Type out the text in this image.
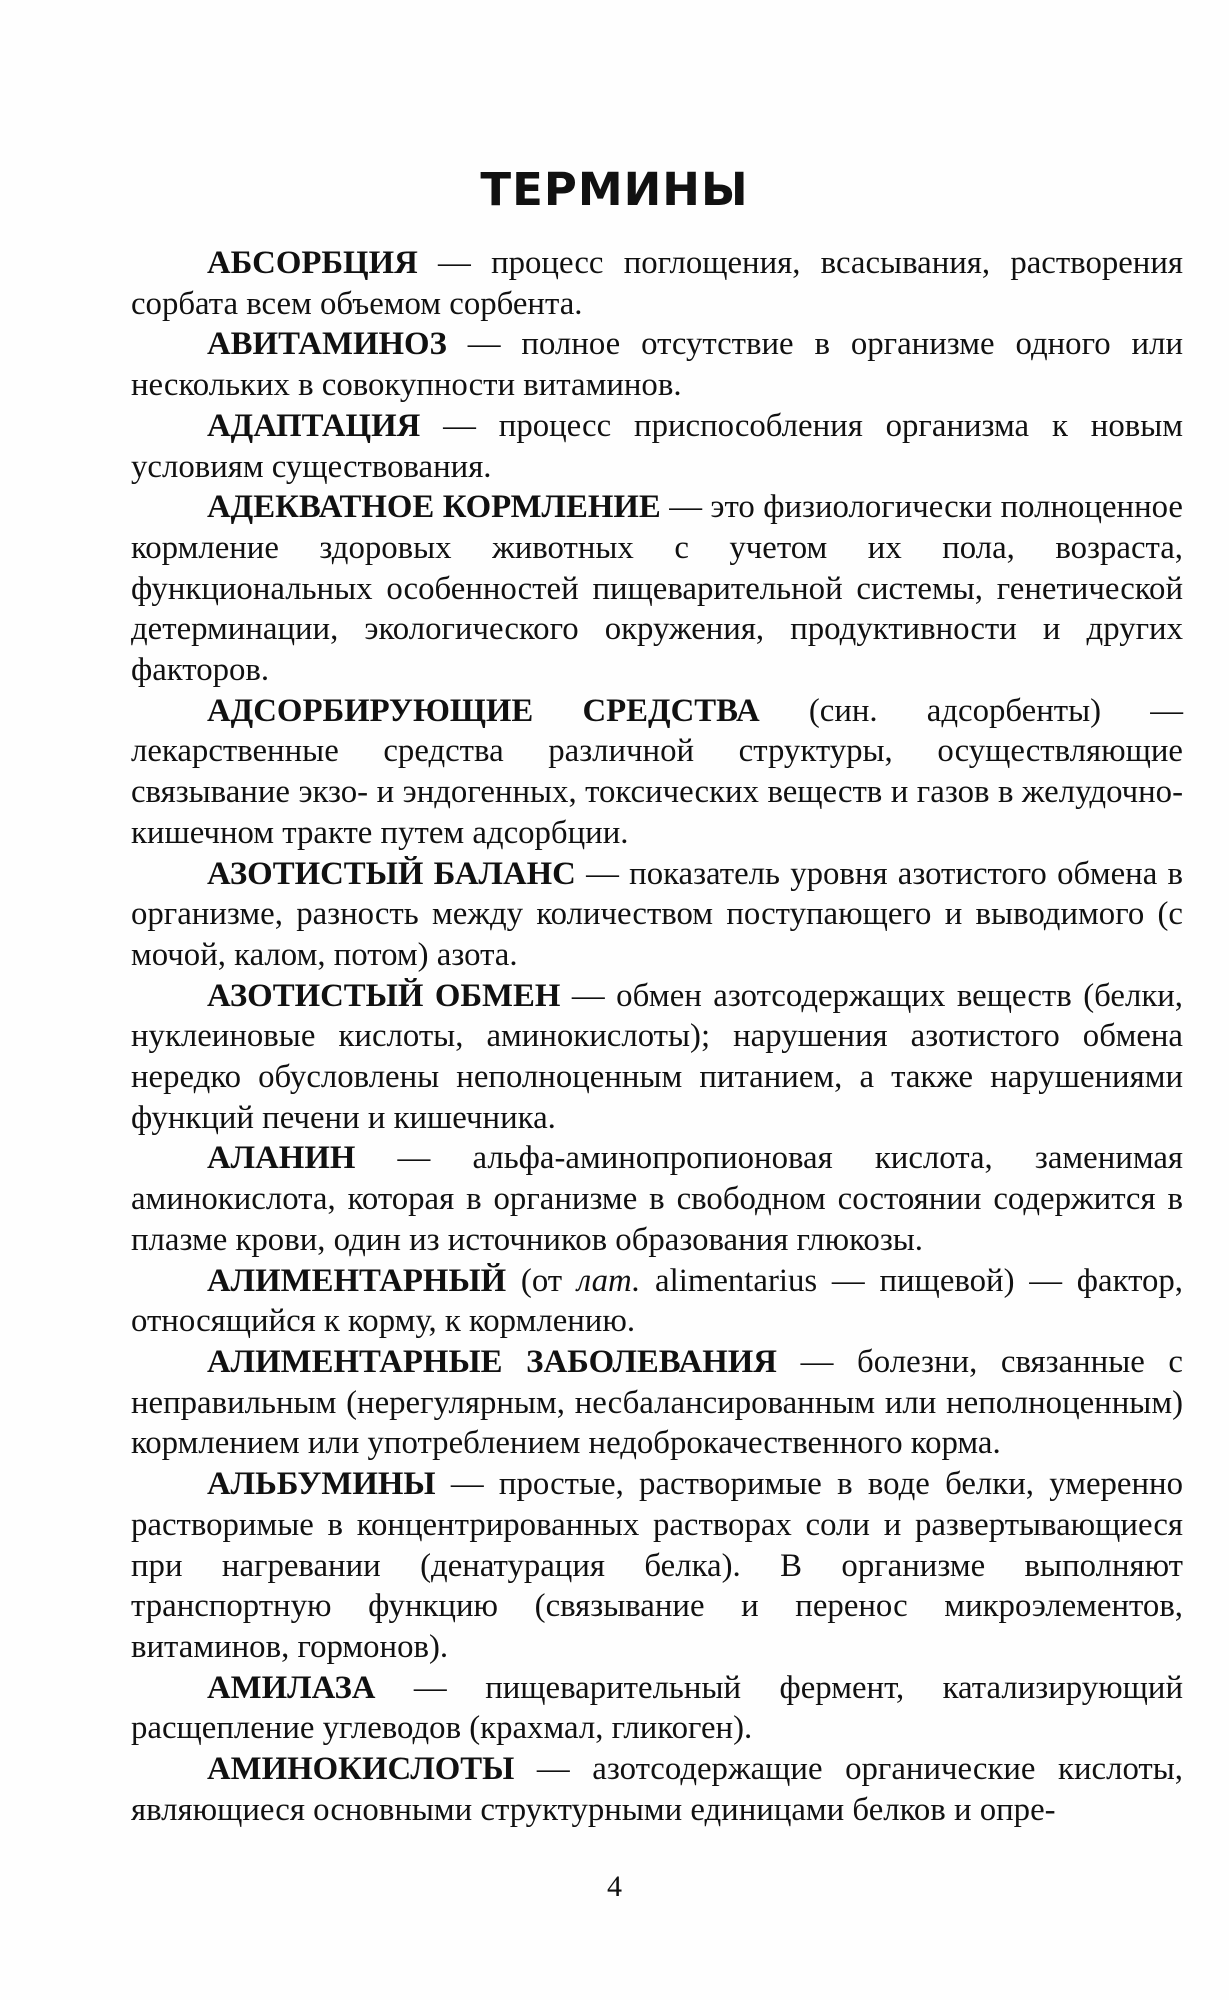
ТЕРМИНЫ

АБСОРБЦИЯ — процесс поглощения, всасывания, растворения сорбата всем объемом сорбента.

АВИТАМИНОЗ — полное отсутствие в организме одного или нескольких в совокупности витаминов.

АДАПТАЦИЯ — процесс приспособления организма к новым условиям существования.

АДЕКВАТНОЕ КОРМЛЕНИЕ — это физиологически полноценное кормление здоровых животных с учетом их пола, возраста, функциональных особенностей пищеварительной системы, генетической детерминации, экологического окружения, продуктивности и других факторов.

АДСОРБИРУЮЩИЕ СРЕДСТВА (син. адсорбенты) — лекарственные средства различной структуры, осуществляющие связывание экзо- и эндогенных, токсических веществ и газов в желудочно-кишечном тракте путем адсорбции.

АЗОТИСТЫЙ БАЛАНС — показатель уровня азотистого обмена в организме, разность между количеством поступающего и выводимого (с мочой, калом, потом) азота.

АЗОТИСТЫЙ ОБМЕН — обмен азотсодержащих веществ (белки, нуклеиновые кислоты, аминокислоты); нарушения азотистого обмена нередко обусловлены неполноценным питанием, а также нарушениями функций печени и кишечника.

АЛАНИН — альфа-аминопропионовая кислота, заменимая аминокислота, которая в организме в свободном состоянии содержится в плазме крови, один из источников образования глюкозы.

АЛИМЕНТАРНЫЙ (от лат. alimentarius — пищевой) — фактор, относящийся к корму, к кормлению.

АЛИМЕНТАРНЫЕ ЗАБОЛЕВАНИЯ — болезни, связанные с неправильным (нерегулярным, несбалансированным или неполноценным) кормлением или употреблением недоброкачественного корма.

АЛЬБУМИНЫ — простые, растворимые в воде белки, умеренно растворимые в концентрированных растворах соли и развертывающиеся при нагревании (денатурация белка). В организме выполняют транспортную функцию (связывание и перенос микроэлементов, витаминов, гормонов).

АМИЛАЗА — пищеварительный фермент, катализирующий расщепление углеводов (крахмал, гликоген).

АМИНОКИСЛОТЫ — азотсодержащие органические кислоты, являющиеся основными структурными единицами белков и опре-

4
